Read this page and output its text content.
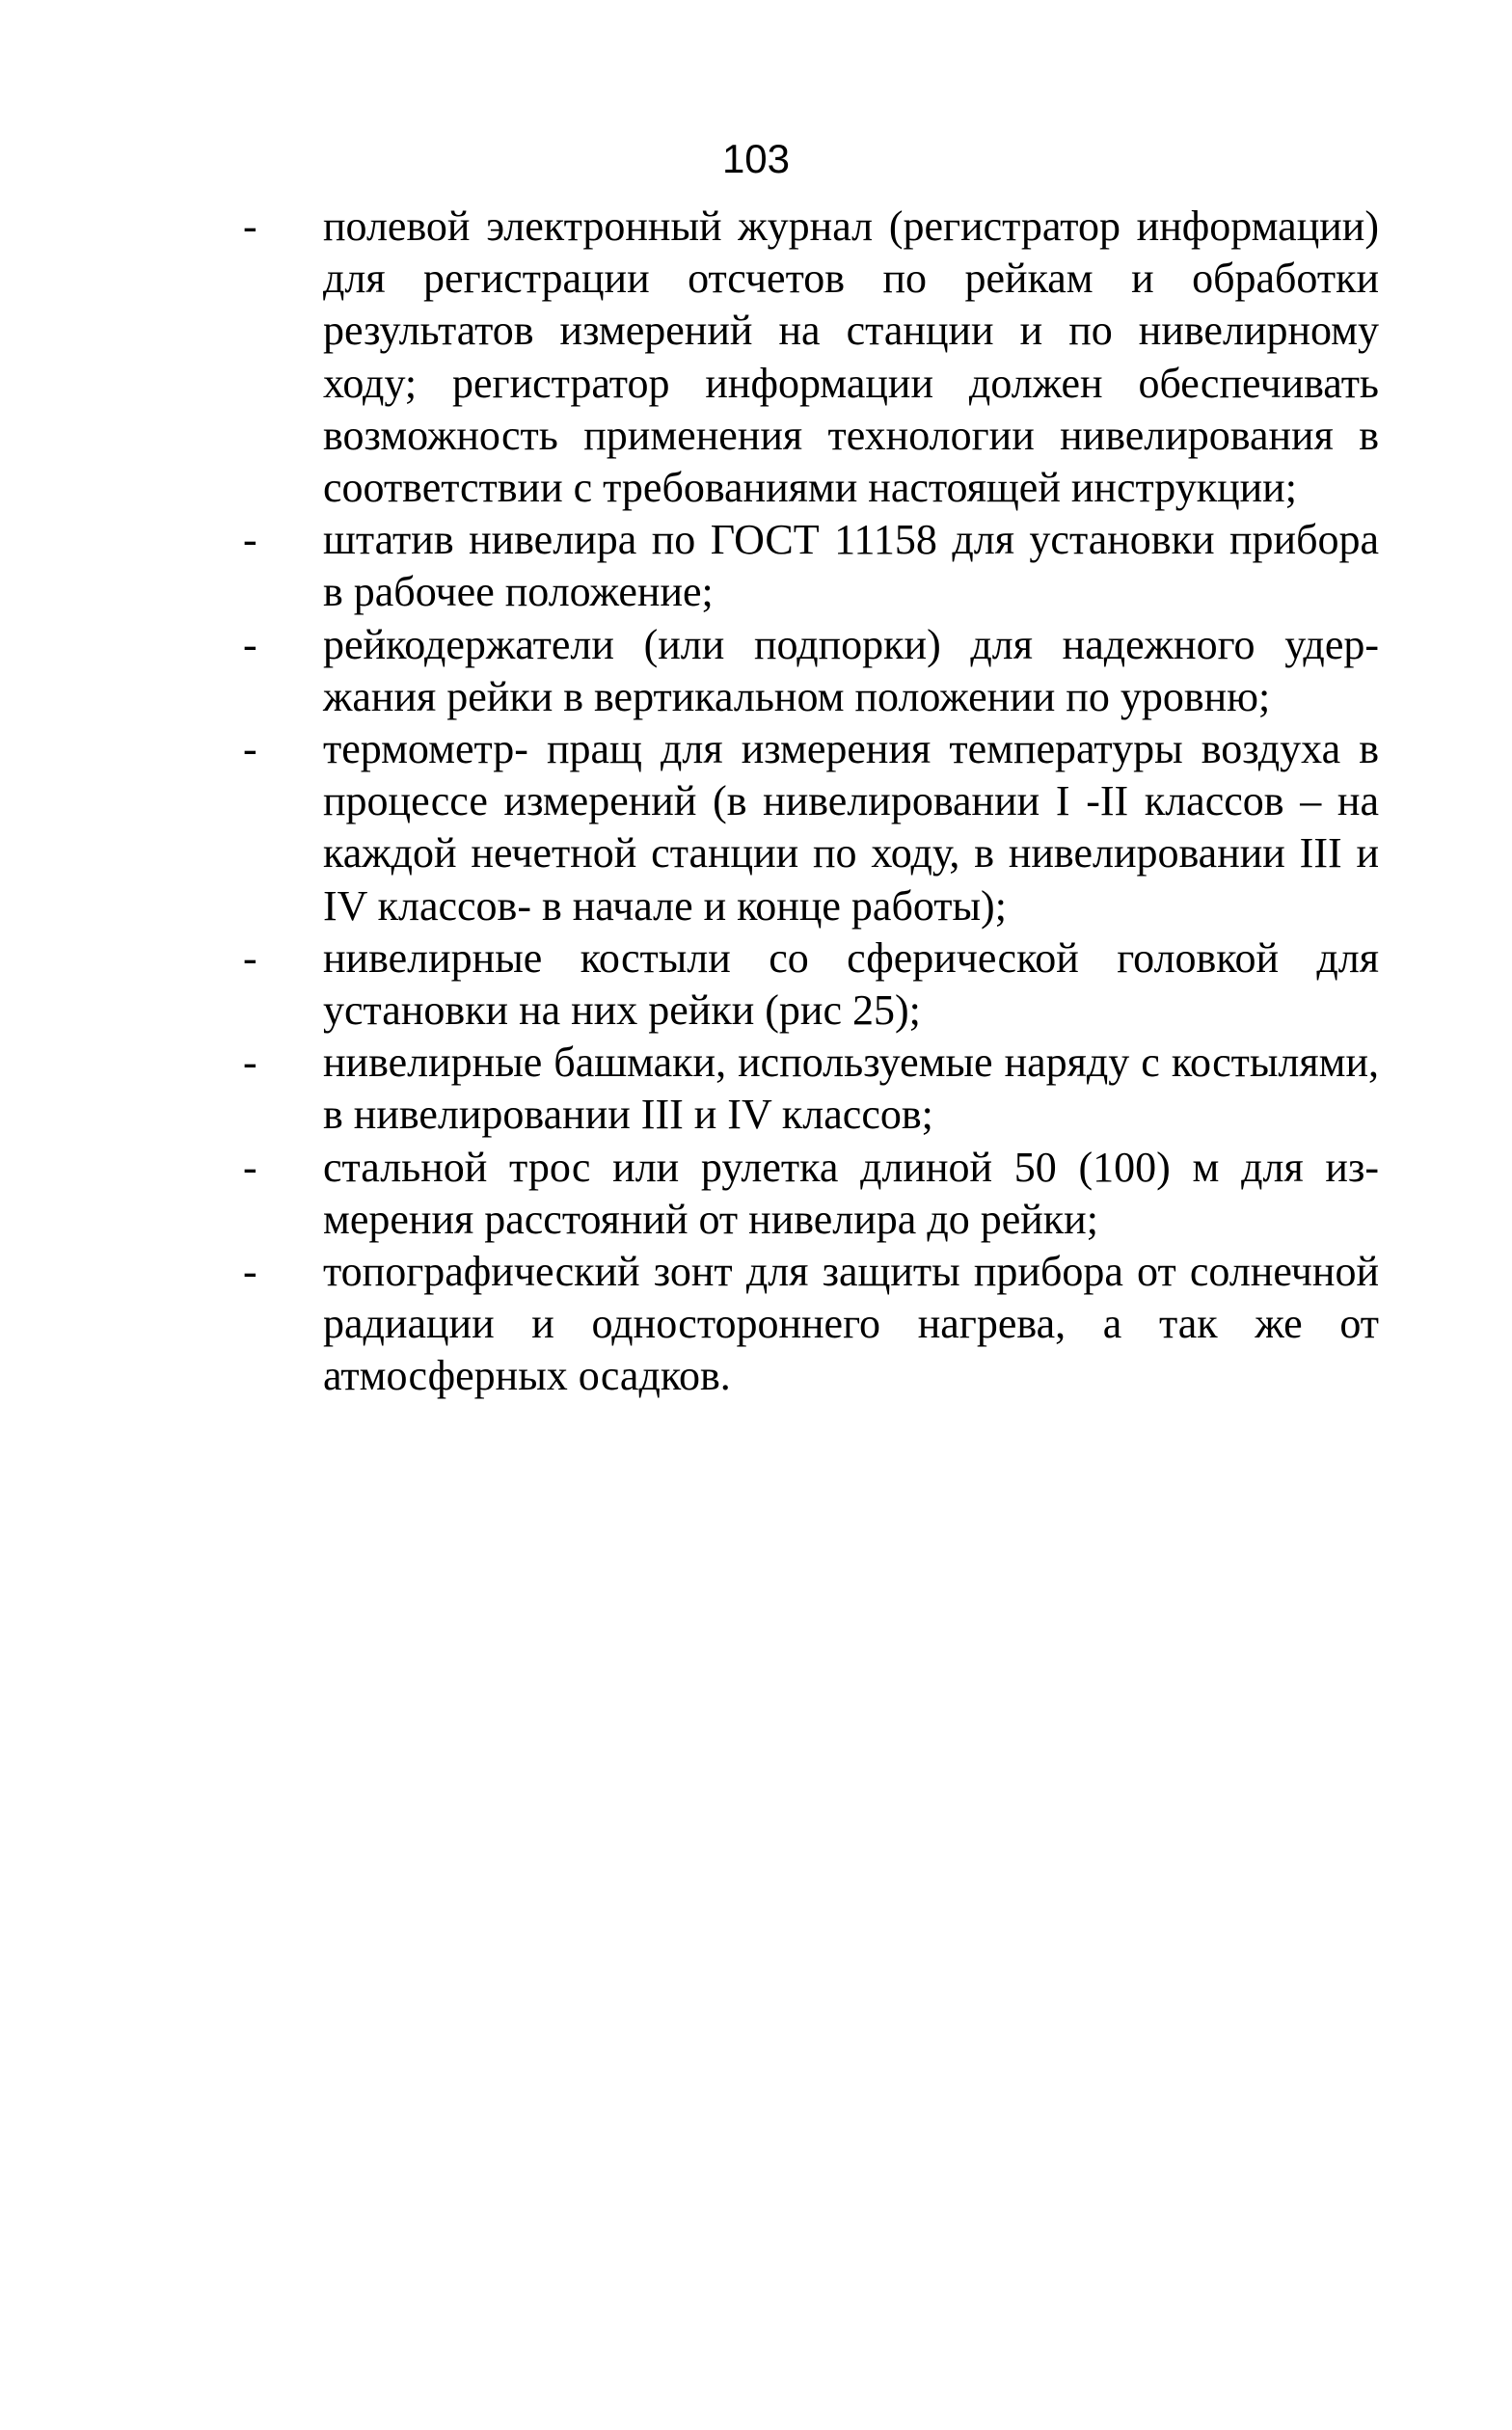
103
- полевой электронный журнал (регистратор информации) для регистрации отсчетов по рейкам и обработки результатов измерений на станции и по нивелирному ходу; регистратор информации должен обеспечивать возможность применения технологии нивелирования в соответствии с требованиями настоящей инструкции;
- штатив нивелира по ГОСТ 11158 для установки прибора в рабочее положение;
- рейкодержатели (или подпорки) для надежного удержания рейки в вертикальном положении по уровню;
- термометр- пращ для измерения температуры воздуха в процессе измерений (в нивелировании I -II классов – на каждой нечетной станции по ходу, в нивелировании III и IV классов- в начале и конце работы);
- нивелирные костыли со сферической головкой для установки на них рейки (рис 25);
- нивелирные башмаки, используемые наряду с костылями, в нивелировании III и IV классов;
- стальной трос или рулетка длиной 50 (100) м для измерения расстояний от нивелира до рейки;
- топографический зонт для защиты прибора от солнечной радиации и одностороннего нагрева, а так же от атмосферных осадков.
